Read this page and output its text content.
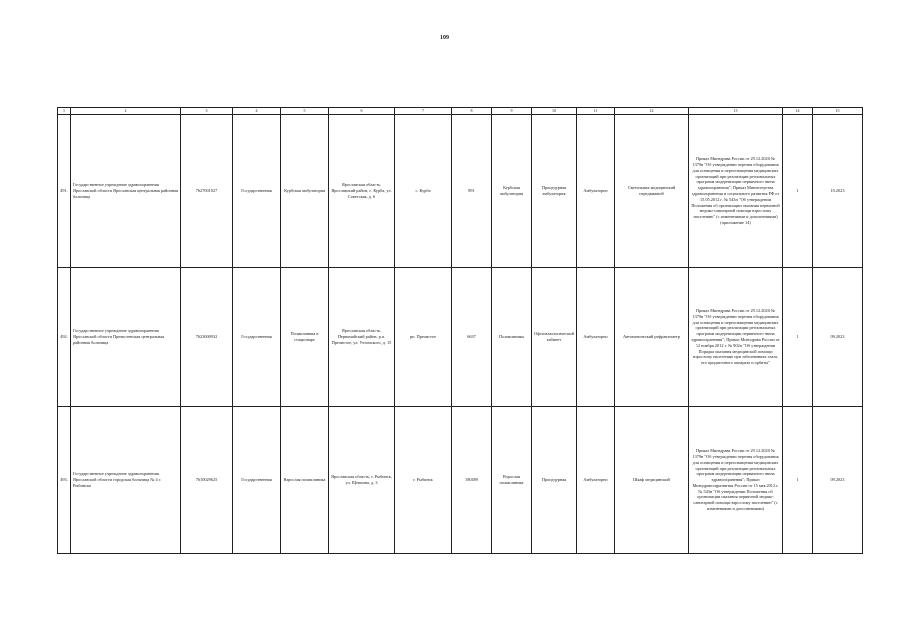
109
1	2	3	4	5	6	7	8	9	10	11	12	13	14	15
491.	Государственное учреждение здравоохранения Ярославской области Ярославская центральная районная больница	7627001027	Государственная	Курбская амбулатория	Ярославская область, Ярославский район, с. Курба, ул. Советская, д. 6	с. Курба	891	Курбская амбулатория	Процедурная амбулатория	Амбулаторно	Светильник медицинский передвижной	Приказ Минздрава России от 29.12.2020 № 1379н "Об утверждении перечня оборудования для оснащения и переоснащения медицинских организаций при реализации региональных программ модернизации первичного звена здравоохранения"; Приказ Министерства здравоохранения и социального развития РФ от 15.05.2012 г. № 543н "Об утверждении Положения об организации оказания первичной медико-санитарной помощи взрослому населению" (с изменениями и дополнениями) (приложение 14)	1	10.2023
492.	Государственное учреждение здравоохранения Ярославской области Пречистенская центральная районная больница	7623000932	Государственная	Поликлиника в стационаре	Ярославская область, Первомайский район, р.п. Пречистое, ул. Ухтомского, д. 15	рп. Пречистое	6637	Поликлиника	Офтальмологический кабинет	Амбулаторно	Автоматический рефрактометр	Приказ Минздрава России от 29.12.2020 № 1379н "Об утверждении перечня оборудования для оснащения и переоснащения медицинских организаций при реализации региональных программ модернизации первичного звена здравоохранения"; Приказ Минздрава России от 12 ноября 2012 г. № 902н "Об утверждении Порядка оказания медицинской помощи взрослому населению при заболеваниях глаза, его придаточного аппарата и орбиты"	1	09.2023
493.	Государственное учреждение здравоохранения Ярославской области городская больница № 4 г. Рыбинска	7610029625	Государственная	Взрослая поликлиника	Ярославская область, г. Рыбинск, ул. Щепкина, д. 3	г. Рыбинск	180489	Взрослая поликлиника	Процедурная	Амбулаторно	Шкаф медицинский	Приказ Минздрава России от 29.12.2020 № 1379н "Об утверждении перечня оборудования для оснащения и переоснащения медицинских организаций при реализации региональных программ модернизации первичного звена здравоохранения"; Приказ Минздравсоцразвития России от 15 мая 2012 г. № 543н "Об утверждении Положения об организации оказания первичной медико-санитарной помощи взрослому населению" (с изменениями и дополнениями)	1	09.2023
